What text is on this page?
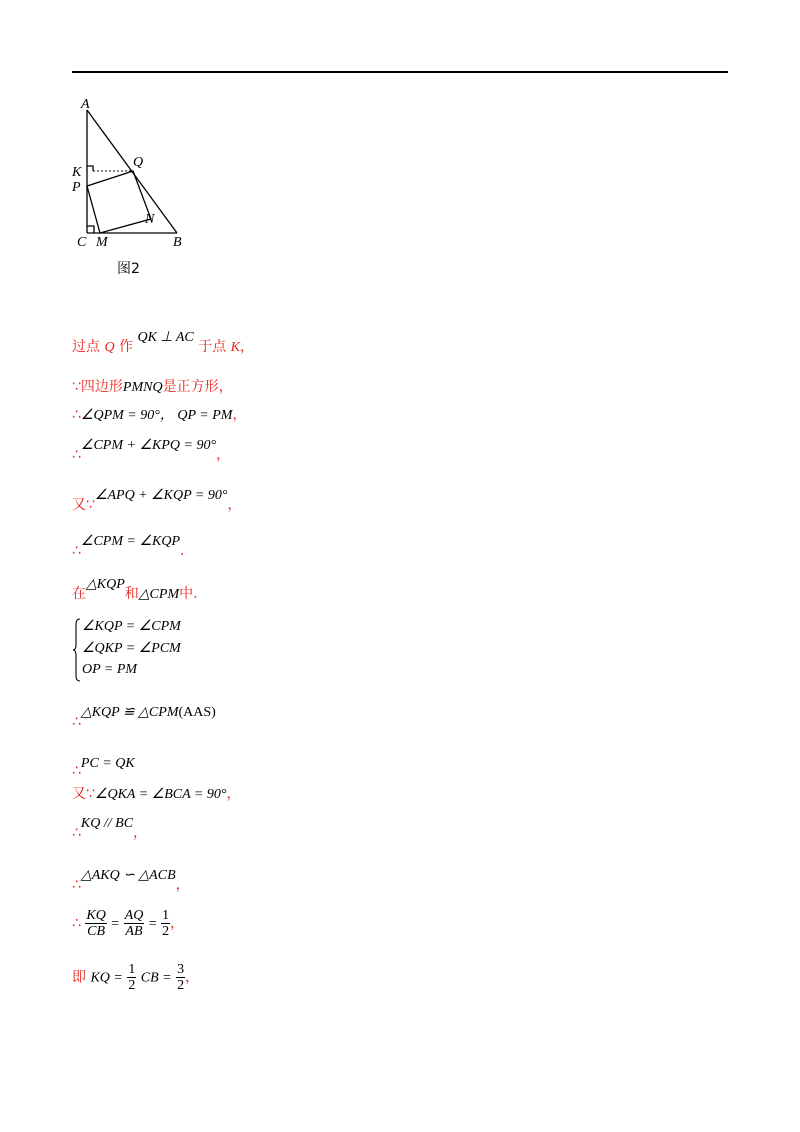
A
K
Q
P
N
C M	B
图2
过点 Q 作 QK ⊥ AC 于点 K，
∵四边形PMNQ是正方形，
∴∠QPM = 90°， QP = PM，
∴∠CPM + ∠KPQ = 90°，
又∵∠APQ + ∠KQP = 90°，
∴∠CPM = ∠KQP.
在△KQP和△CPM中.
∠KQP = ∠CPM
∠QKP = ∠PCM
OP = PM
∴△KQP ≌ △CPM(AAS)
∴PC = QK
又∵∠QKA = ∠BCA = 90°，
∴KQ // BC，
∴△AKQ ∽ △ACB，
∴ $\frac{KQ}{CB} = \frac{AQ}{AB} = \frac{1}{2}$ ，
即 KQ = $\frac{1}{2}$ CB = $\frac{3}{2}$ ，
